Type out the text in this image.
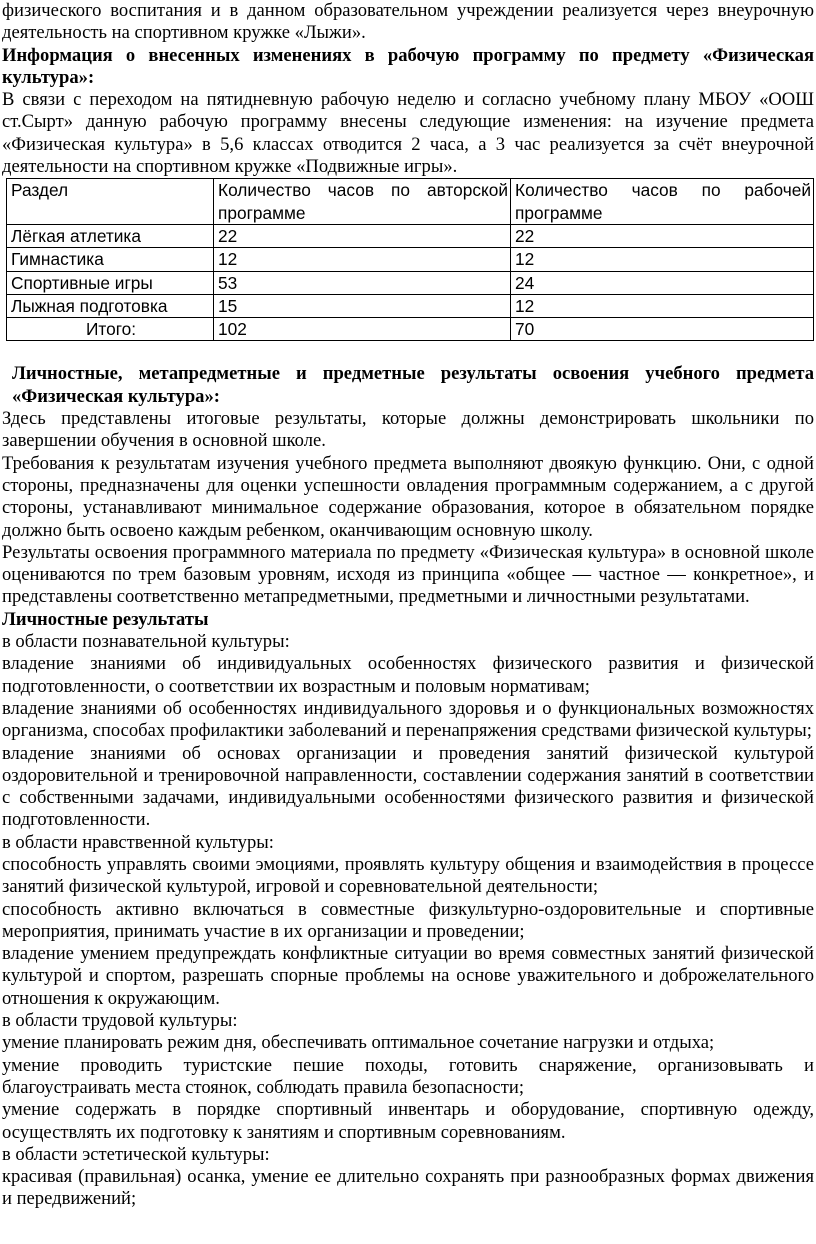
физического воспитания и в данном образовательном учреждении реализуется через внеурочную деятельность на спортивном кружке «Лыжи».

Информация о внесенных изменениях в рабочую программу по предмету «Физическая культура»:

В связи с переходом на пятидневную рабочую неделю и согласно учебному плану МБОУ «ООШ ст.Сырт» данную рабочую программу внесены следующие изменения: на изучение предмета «Физическая культура» в 5,6 классах отводится 2 часа, а 3 час реализуется за счёт внеурочной деятельности на спортивном кружке «Подвижные игры».

Раздел	Количество часов по авторской программе	Количество часов по рабочей программе
Лёгкая атлетика	22	22
Гимнастика	12	12
Спортивные игры	53	24
Лыжная подготовка	15	12
Итого:	102	70

Личностные, метапредметные и предметные результаты освоения учебного предмета «Физическая культура»:

Здесь представлены итоговые результаты, которые должны демонстрировать школьники по завершении обучения в основной школе.

Требования к результатам изучения учебного предмета выполняют двоякую функцию. Они, с одной стороны, предназначены для оценки успешности овладения программным содержанием, а с другой стороны, устанавливают минимальное содержание образования, которое в обязательном порядке должно быть освоено каждым ребенком, оканчивающим основную школу.

Результаты освоения программного материала по предмету «Физическая культура» в основной школе оцениваются по трем базовым уровням, исходя из принципа «общее — частное — конкретное», и представлены соответственно метапредметными, предметными и личностными результатами.

Личностные результаты

в области познавательной культуры:

владение знаниями об индивидуальных особенностях физического развития и физической подготовленности, о соответствии их возрастным и половым нормативам;

владение знаниями об особенностях индивидуального здоровья и о функциональных возможностях организма, способах профилактики заболеваний и перенапряжения средствами физической культуры;

владение знаниями об основах организации и проведения занятий физической культурой оздоровительной и тренировочной направленности, составлении содержания занятий в соответствии с собственными задачами, индивидуальными особенностями физического развития и физической подготовленности.

в области нравственной культуры:

способность управлять своими эмоциями, проявлять культуру общения и взаимодействия в процессе занятий физической культурой, игровой и соревновательной деятельности;

способность активно включаться в совместные физкультурно-оздоровительные и спортивные мероприятия, принимать участие в их организации и проведении;

владение умением предупреждать конфликтные ситуации во время совместных занятий физической культурой и спортом, разрешать спорные проблемы на основе уважительного и доброжелательного отношения к окружающим.

в области трудовой культуры:

умение планировать режим дня, обеспечивать оптимальное сочетание нагрузки и отдыха;

умение проводить туристские пешие походы, готовить снаряжение, организовывать и благоустраивать места стоянок, соблюдать правила безопасности;

умение содержать в порядке спортивный инвентарь и оборудование, спортивную одежду, осуществлять их подготовку к занятиям и спортивным соревнованиям.

в области эстетической культуры:

красивая (правильная) осанка, умение ее длительно сохранять при разнообразных формах движения и передвижений;
